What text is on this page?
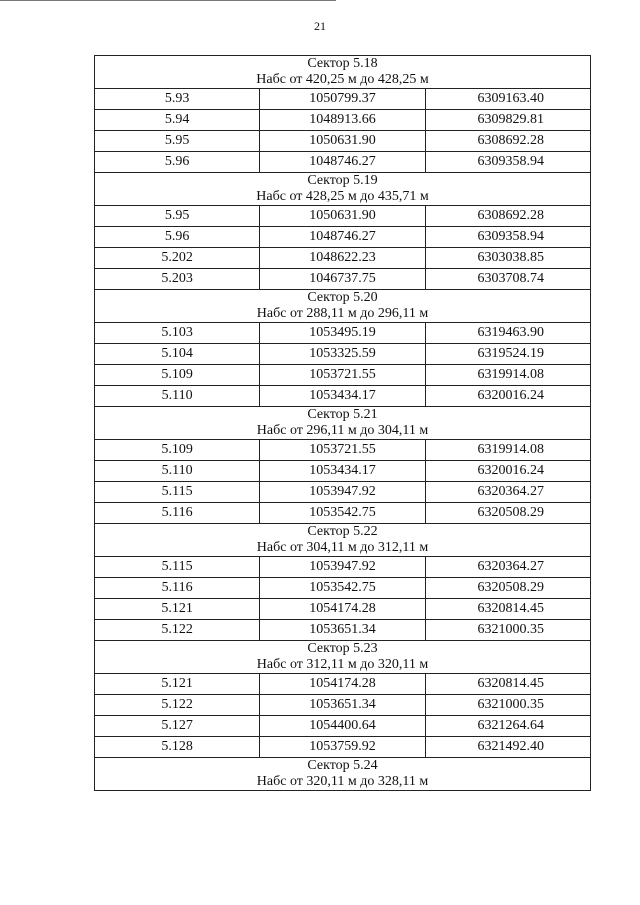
21
Сектор 5.18
Набс от 420,25 м до 428,25 м		

5.93	1050799.37	6309163.40
5.94	1048913.66	6309829.81
5.95	1050631.90	6308692.28
5.96	1048746.27	6309358.94

Сектор 5.19
Набс от 428,25 м до 435,71 м		

5.95	1050631.90	6308692.28
5.96	1048746.27	6309358.94
5.202	1048622.23	6303038.85
5.203	1046737.75	6303708.74

Сектор 5.20
Набс от 288,11 м до 296,11 м		

5.103	1053495.19	6319463.90
5.104	1053325.59	6319524.19
5.109	1053721.55	6319914.08
5.110	1053434.17	6320016.24

Сектор 5.21
Набс от 296,11 м до 304,11 м		

5.109	1053721.55	6319914.08
5.110	1053434.17	6320016.24
5.115	1053947.92	6320364.27
5.116	1053542.75	6320508.29

Сектор 5.22
Набс от 304,11 м до 312,11 м		

5.115	1053947.92	6320364.27
5.116	1053542.75	6320508.29
5.121	1054174.28	6320814.45
5.122	1053651.34	6321000.35

Сектор 5.23
Набс от 312,11 м до 320,11 м		

5.121	1054174.28	6320814.45
5.122	1053651.34	6321000.35
5.127	1054400.64	6321264.64
5.128	1053759.92	6321492.40

Сектор 5.24
Набс от 320,11 м до 328,11 м		
